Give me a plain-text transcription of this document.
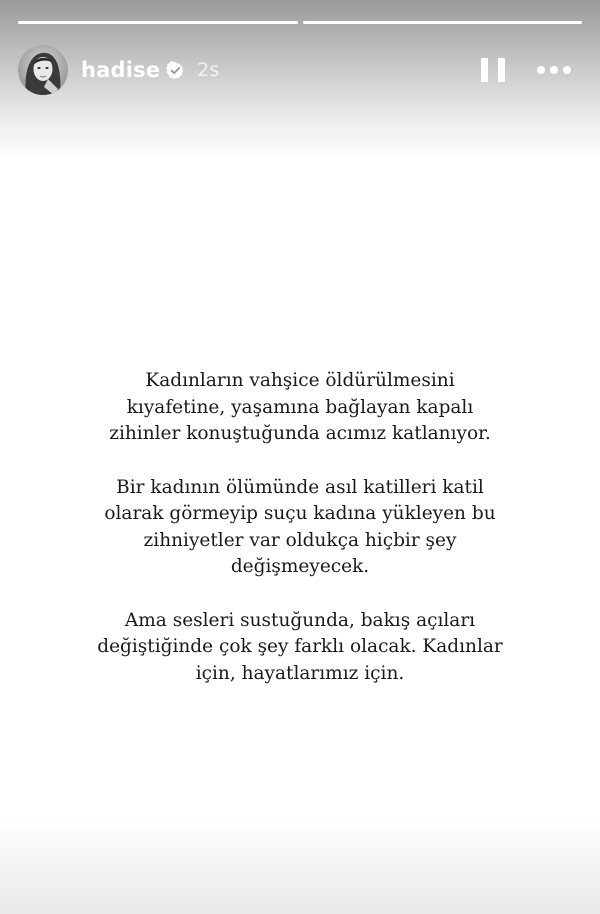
hadise 2s

Kadınların vahşice öldürülmesini
kıyafetine, yaşamına bağlayan kapalı
zihinler konuştuğunda acımız katlanıyor.

Bir kadının ölümünde asıl katilleri katil
olarak görmeyip suçu kadına yükleyen bu
zihniyetler var oldukça hiçbir şey
değişmeyecek.

Ama sesleri sustuğunda, bakış açıları
değiştiğinde çok şey farklı olacak. Kadınlar
için, hayatlarımız için.
